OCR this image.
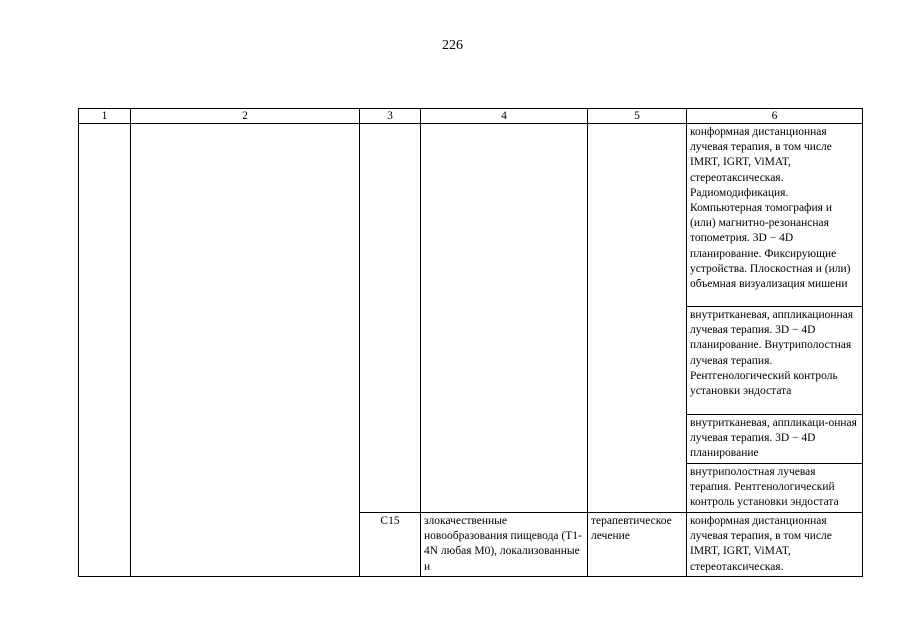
226
1	2	3	4	5	6
					конформная дистанционная лучевая терапия, в том числе IMRT, IGRT, ViMAT, стереотаксическая. Радиомодификация. Компьютерная томография и (или) магнитно-резонансная топометрия. 3D − 4D планирование. Фиксирующие устройства. Плоскостная и (или) объемная визуализация мишени
					внутритканевая, аппликационная лучевая терапия. 3D − 4D планирование. Внутриполостная лучевая терапия. Рентгенологический контроль установки эндостата
					внутритканевая, аппликаци-онная лучевая терапия. 3D − 4D планирование
					внутриполостная лучевая терапия. Рентгенологический контроль установки эндостата
		C15	злокачественные новообразования пищевода (T1-4N любая M0), локализованные и	терапевтическое лечение	конформная дистанционная лучевая терапия, в том числе IMRT, IGRT, ViMAT, стереотаксическая.
